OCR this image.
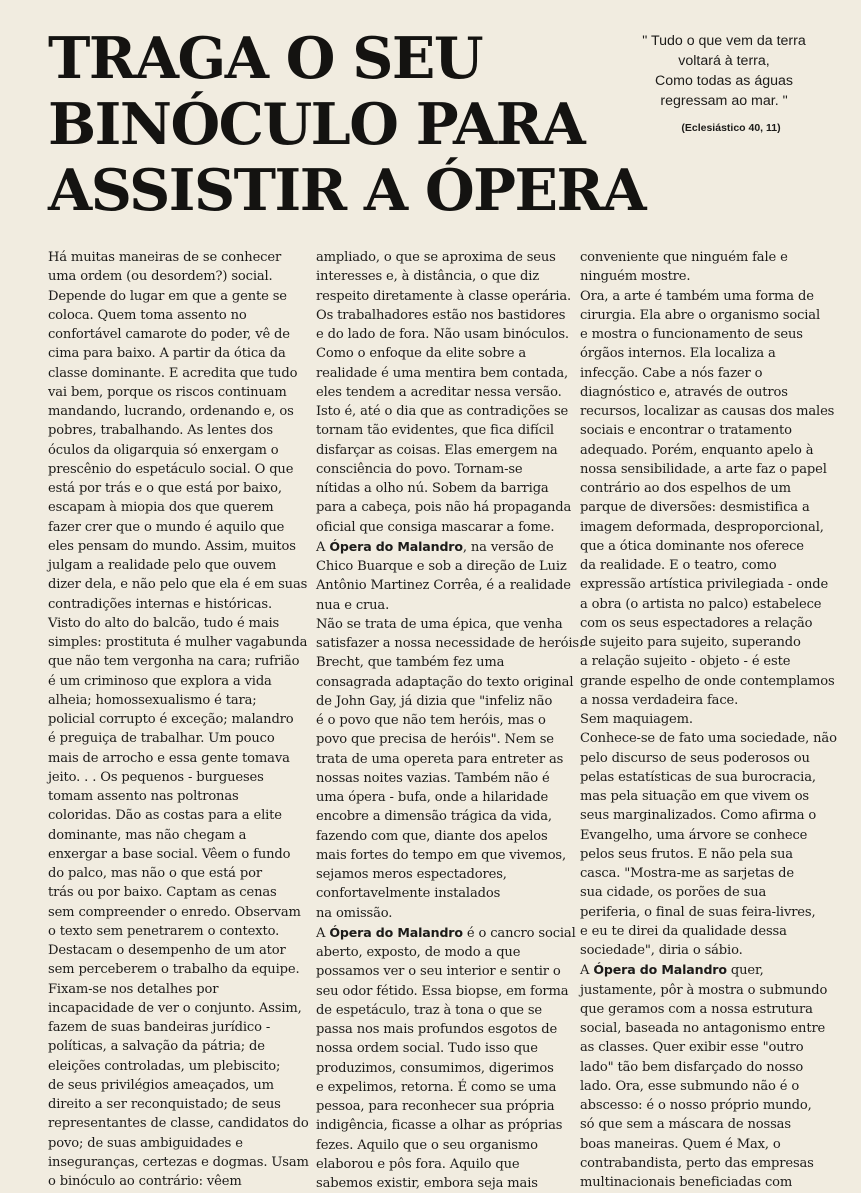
TRAGA O SEU
BINÓCULO PARA
ASSISTIR A ÓPERA
" Tudo o que vem da terra
voltará à terra,
Como todas as águas
regressam ao mar. "
(Eclesiástico 40, 11)
Há muitas maneiras de se conhecer
uma ordem (ou desordem?) social.
Depende do lugar em que a gente se
coloca. Quem toma assento no
confortável camarote do poder, vê de
cima para baixo. A partir da ótica da
classe dominante. E acredita que tudo
vai bem, porque os riscos continuam
mandando, lucrando, ordenando e, os
pobres, trabalhando. As lentes dos
óculos da oligarquia só enxergam o
prescênio do espetáculo social. O que
está por trás e o que está por baixo,
escapam à miopia dos que querem
fazer crer que o mundo é aquilo que
eles pensam do mundo. Assim, muitos
julgam a realidade pelo que ouvem
dizer dela, e não pelo que ela é em suas
contradições internas e históricas.
Visto do alto do balcão, tudo é mais
simples: prostituta é mulher vagabunda
que não tem vergonha na cara; rufrião
é um criminoso que explora a vida
alheia; homossexualismo é tara;
policial corrupto é exceção; malandro
é preguiça de trabalhar. Um pouco
mais de arrocho e essa gente tomava
jeito. . . Os pequenos - burgueses
tomam assento nas poltronas
coloridas. Dão as costas para a elite
dominante, mas não chegam a
enxergar a base social. Vêem o fundo
do palco, mas não o que está por
trás ou por baixo. Captam as cenas
sem compreender o enredo. Observam
o texto sem penetrarem o contexto.
Destacam o desempenho de um ator
sem perceberem o trabalho da equipe.
Fixam-se nos detalhes por
incapacidade de ver o conjunto. Assim,
fazem de suas bandeiras jurídico -
políticas, a salvação da pátria; de
eleições controladas, um plebiscito;
de seus privilégios ameaçados, um
direito a ser reconquistado; de seus
representantes de classe, candidatos do
povo; de suas ambiguidades e
inseguranças, certezas e dogmas. Usam
o binóculo ao contrário: vêem
ampliado, o que se aproxima de seus
interesses e, à distância, o que diz
respeito diretamente à classe operária.
Os trabalhadores estão nos bastidores
e do lado de fora. Não usam binóculos.
Como o enfoque da elite sobre a
realidade é uma mentira bem contada,
eles tendem a acreditar nessa versão.
Isto é, até o dia que as contradições se
tornam tão evidentes, que fica difícil
disfarçar as coisas. Elas emergem na
consciência do povo. Tornam-se
nítidas a olho nú. Sobem da barriga
para a cabeça, pois não há propaganda
oficial que consiga mascarar a fome.
A Ópera do Malandro, na versão de
Chico Buarque e sob a direção de Luiz
Antônio Martinez Corrêa, é a realidade
nua e crua.
Não se trata de uma épica, que venha
satisfazer a nossa necessidade de heróis.
Brecht, que também fez uma
consagrada adaptação do texto original
de John Gay, já dizia que "infeliz não
é o povo que não tem heróis, mas o
povo que precisa de heróis". Nem se
trata de uma opereta para entreter as
nossas noites vazias. Também não é
uma ópera - bufa, onde a hilaridade
encobre a dimensão trágica da vida,
fazendo com que, diante dos apelos
mais fortes do tempo em que vivemos,
sejamos meros espectadores,
confortavelmente instalados
na omissão.
A Ópera do Malandro é o cancro social
aberto, exposto, de modo a que
possamos ver o seu interior e sentir o
seu odor fétido. Essa biopse, em forma
de espetáculo, traz à tona o que se
passa nos mais profundos esgotos de
nossa ordem social. Tudo isso que
produzimos, consumimos, digerimos
e expelimos, retorna. É como se uma
pessoa, para reconhecer sua própria
indigência, ficasse a olhar as próprias
fezes. Aquilo que o seu organismo
elaborou e pôs fora. Aquilo que
sabemos existir, embora seja mais
conveniente que ninguém fale e
ninguém mostre.
Ora, a arte é também uma forma de
cirurgia. Ela abre o organismo social
e mostra o funcionamento de seus
órgãos internos. Ela localiza a
infecção. Cabe a nós fazer o
diagnóstico e, através de outros
recursos, localizar as causas dos males
sociais e encontrar o tratamento
adequado. Porém, enquanto apelo à
nossa sensibilidade, a arte faz o papel
contrário ao dos espelhos de um
parque de diversões: desmistifica a
imagem deformada, desproporcional,
que a ótica dominante nos oferece
da realidade. E o teatro, como
expressão artística privilegiada - onde
a obra (o artista no palco) estabelece
com os seus espectadores a relação
de sujeito para sujeito, superando
a relação sujeito - objeto - é este
grande espelho de onde contemplamos
a nossa verdadeira face.
Sem maquiagem.
Conhece-se de fato uma sociedade, não
pelo discurso de seus poderosos ou
pelas estatísticas de sua burocracia,
mas pela situação em que vivem os
seus marginalizados. Como afirma o
Evangelho, uma árvore se conhece
pelos seus frutos. E não pela sua
casca. "Mostra-me as sarjetas de
sua cidade, os porões de sua
periferia, o final de suas feira-livres,
e eu te direi da qualidade dessa
sociedade", diria o sábio.
A Ópera do Malandro quer,
justamente, pôr à mostra o submundo
que geramos com a nossa estrutura
social, baseada no antagonismo entre
as classes. Quer exibir esse "outro
lado" tão bem disfarçado do nosso
lado. Ora, esse submundo não é o
abscesso: é o nosso próprio mundo,
só que sem a máscara de nossas
boas maneiras. Quem é Max, o
contrabandista, perto das empresas
multinacionais beneficiadas com
